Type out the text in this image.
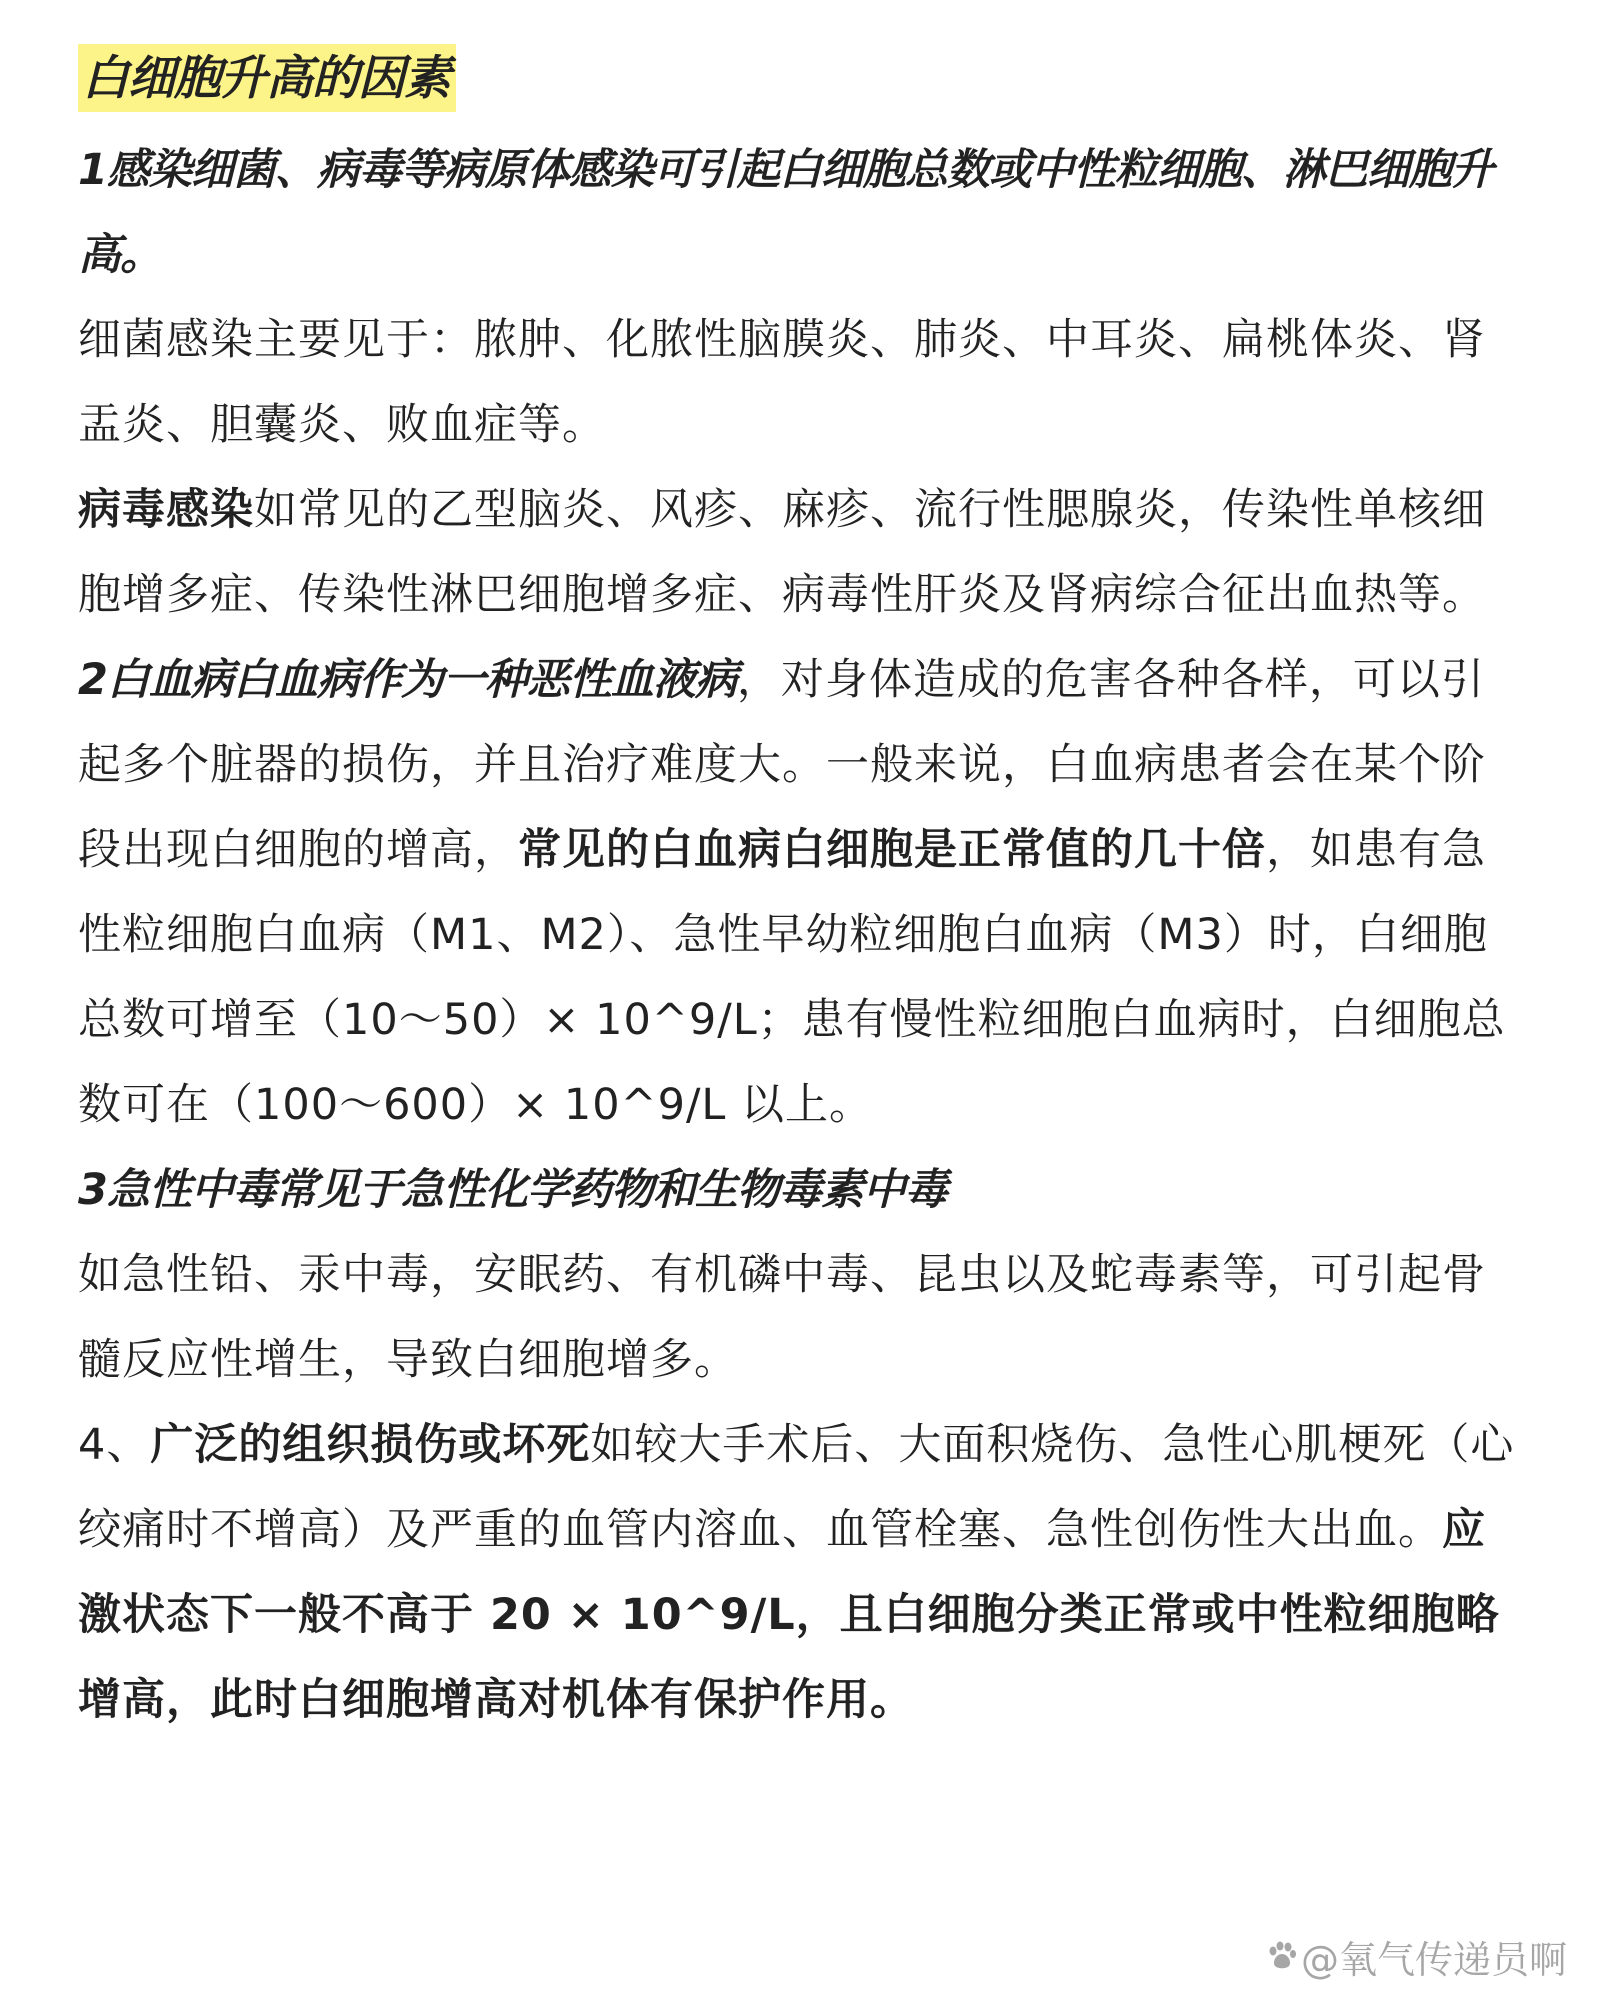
白细胞升高的因素

1感染细菌、病毒等病原体感染可引起白细胞总数或中性粒细胞、淋巴细胞升高。

细菌感染主要见于：脓肿、化脓性脑膜炎、肺炎、中耳炎、扁桃体炎、肾盂炎、胆囊炎、败血症等。

病毒感染如常见的乙型脑炎、风疹、麻疹、流行性腮腺炎，传染性单核细胞增多症、传染性淋巴细胞增多症、病毒性肝炎及肾病综合征出血热等。

2白血病白血病作为一种恶性血液病，对身体造成的危害各种各样，可以引起多个脏器的损伤，并且治疗难度大。一般来说，白血病患者会在某个阶段出现白细胞的增高，常见的白血病白细胞是正常值的几十倍，如患有急性粒细胞白血病（M1、M2）、急性早幼粒细胞白血病（M3）时，白细胞总数可增至（10～50）× 10^9/L；患有慢性粒细胞白血病时，白细胞总数可在（100～600）× 10^9/L 以上。

3急性中毒常见于急性化学药物和生物毒素中毒

如急性铅、汞中毒，安眠药、有机磷中毒、昆虫以及蛇毒素等，可引起骨髓反应性增生，导致白细胞增多。

4、广泛的组织损伤或坏死如较大手术后、大面积烧伤、急性心肌梗死（心绞痛时不增高）及严重的血管内溶血、血管栓塞、急性创伤性大出血。应激状态下一般不高于 20 × 10^9/L，且白细胞分类正常或中性粒细胞略增高，此时白细胞增高对机体有保护作用。

@氧气传递员啊
